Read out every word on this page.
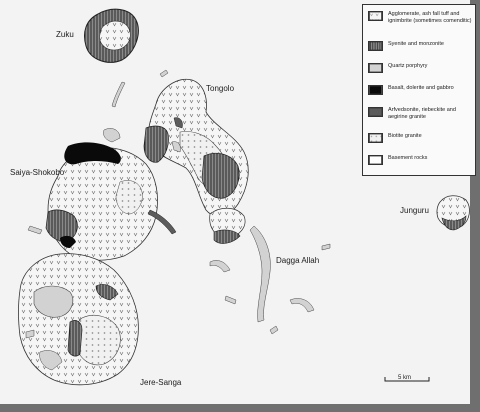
Zuku
Tongolo
Saiya-Shokobo
Junguru
Dagga Allah
Jere-Sanga
Agglomerate, ash fall tuff and ignimbrite (sometimes comenditic)
Syenite and monzonite
Quartz porphyry
Basalt, dolerite and gabbro
Arfvedsonite, riebeckite and aegirine granite
Biotite granite
Basement rocks
5 km
